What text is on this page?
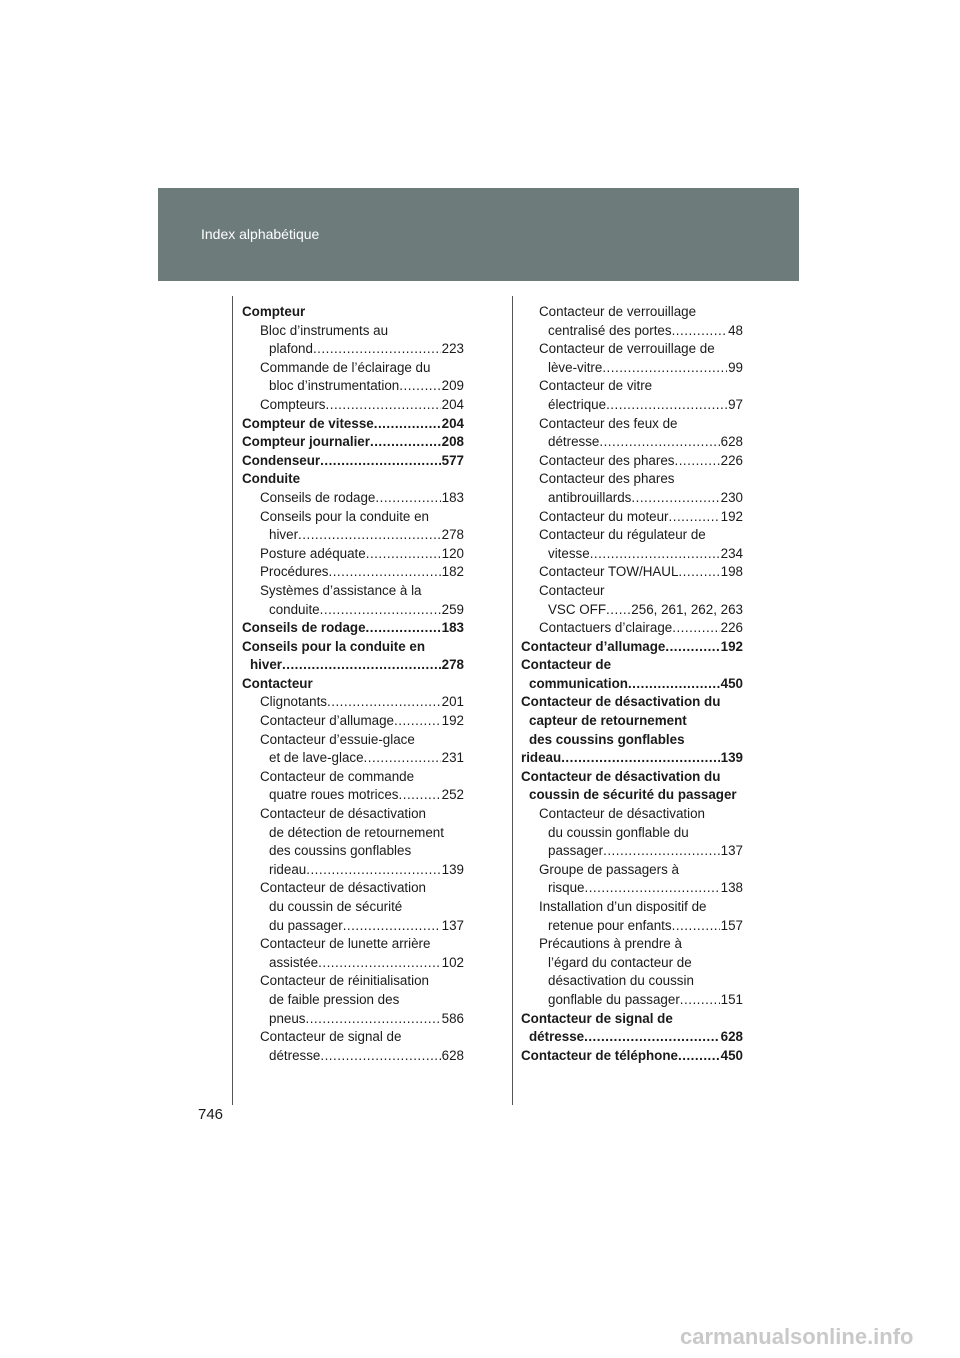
Index alphabétique
Compteur
Bloc d’instruments au
plafond .....	223
Commande de l’éclairage du
bloc d’instrumentation .....	209
Compteurs .....	204
Compteur de vitesse .....	204
Compteur journalier .....	208
Condenseur .....	577
Conduite
Conseils de rodage .....	183
Conseils pour la conduite en
hiver .....	278
Posture adéquate .....	120
Procédures .....	182
Systèmes d’assistance à la
conduite .....	259
Conseils de rodage .....	183
Conseils pour la conduite en
hiver .....	278
Contacteur
Clignotants .....	201
Contacteur d’allumage .....	192
Contacteur d’essuie-glace
et de lave-glace .....	231
Contacteur de commande
quatre roues motrices .....	252
Contacteur de désactivation
de détection de retournement
des coussins gonflables
rideau .....	139
Contacteur de désactivation
du coussin de sécurité
du passager .....	137
Contacteur de lunette arrière
assistée .....	102
Contacteur de réinitialisation
de faible pression des
pneus .....	586
Contacteur de signal de
détresse .....	628
Contacteur de verrouillage
centralisé des portes .....	48
Contacteur de verrouillage de
lève-vitre .....	99
Contacteur de vitre
électrique .....	97
Contacteur des feux de
détresse .....	628
Contacteur des phares .....	226
Contacteur des phares
antibrouillards .....	230
Contacteur du moteur .....	192
Contacteur du régulateur de
vitesse .....	234
Contacteur TOW/HAUL .....	198
Contacteur
VSC OFF ..... 256, 261, 262, 263
Contactuers d’clairage .....	226
Contacteur d’allumage .....	192
Contacteur de
communication .....	450
Contacteur de désactivation du
capteur de retournement
des coussins gonflables
rideau .....	139
Contacteur de désactivation du
coussin de sécurité du passager
Contacteur de désactivation
du coussin gonflable du
passager .....	137
Groupe de passagers à
risque .....	138
Installation d’un dispositif de
retenue pour enfants .....	157
Précautions à prendre à
l’égard du contacteur de
désactivation du coussin
gonflable du passager .....	151
Contacteur de signal de
détresse .....	628
Contacteur de téléphone .....	450
746
carmanualsonline.info
